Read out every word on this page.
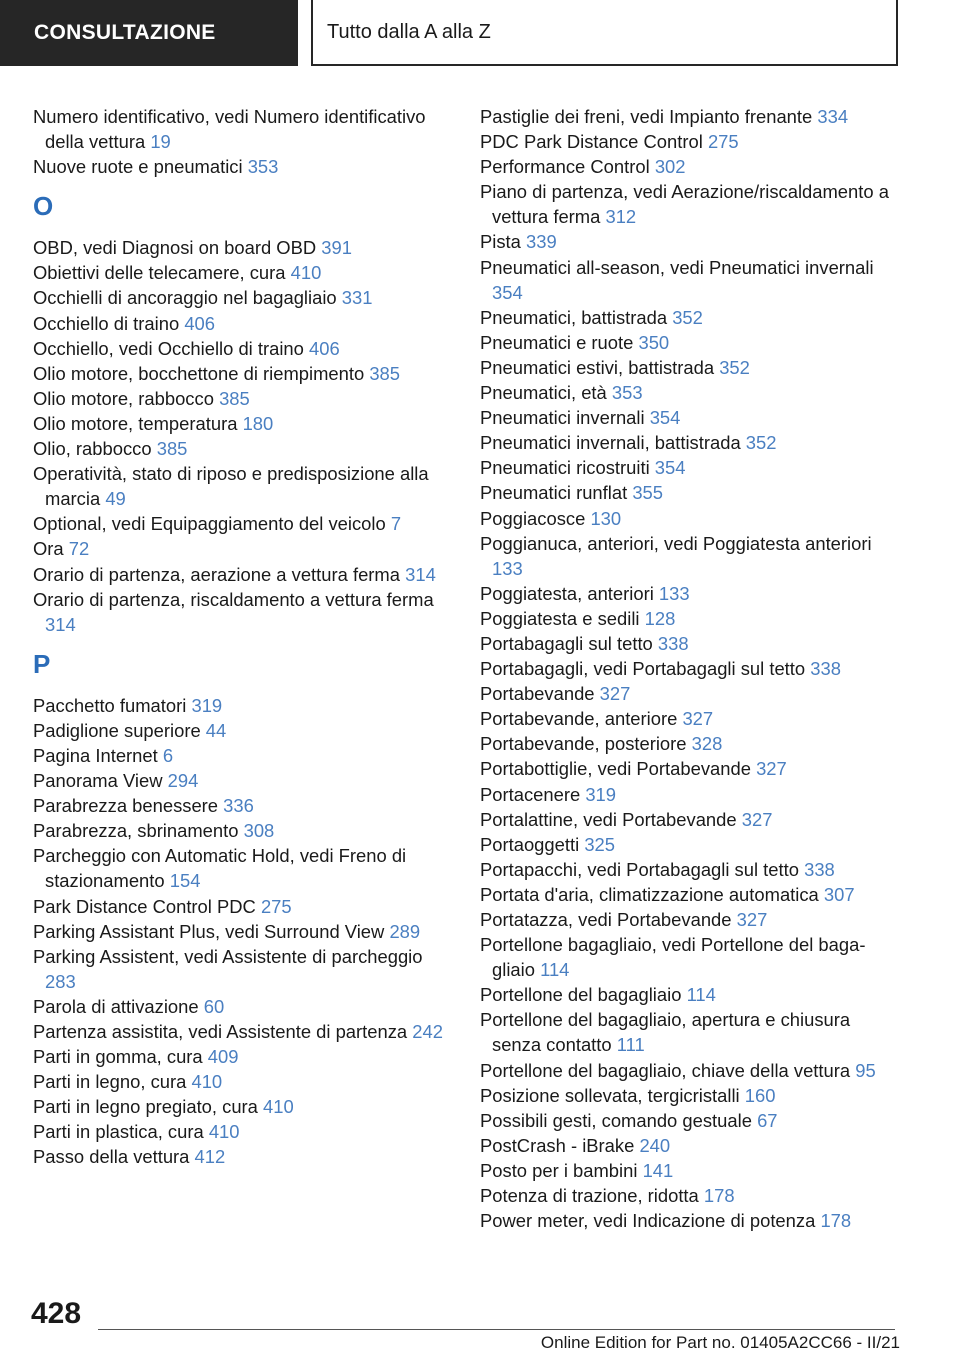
CONSULTAZIONE	Tutto dalla A alla Z
Numero identificativo, vedi Numero identificativo della vettura 19
Nuove ruote e pneumatici 353
O
OBD, vedi Diagnosi on board OBD 391
Obiettivi delle telecamere, cura 410
Occhielli di ancoraggio nel bagagliaio 331
Occhiello di traino 406
Occhiello, vedi Occhiello di traino 406
Olio motore, bocchettone di riempimento 385
Olio motore, rabbocco 385
Olio motore, temperatura 180
Olio, rabbocco 385
Operatività, stato di riposo e predisposizione alla marcia 49
Optional, vedi Equipaggiamento del veicolo 7
Ora 72
Orario di partenza, aerazione a vettura ferma 314
Orario di partenza, riscaldamento a vettura ferma 314
P
Pacchetto fumatori 319
Padiglione superiore 44
Pagina Internet 6
Panorama View 294
Parabrezza benessere 336
Parabrezza, sbrinamento 308
Parcheggio con Automatic Hold, vedi Freno di stazionamento 154
Park Distance Control PDC 275
Parking Assistant Plus, vedi Surround View 289
Parking Assistent, vedi Assistente di parcheggio 283
Parola di attivazione 60
Partenza assistita, vedi Assistente di partenza 242
Parti in gomma, cura 409
Parti in legno, cura 410
Parti in legno pregiato, cura 410
Parti in plastica, cura 410
Passo della vettura 412
Pastiglie dei freni, vedi Impianto frenante 334
PDC Park Distance Control 275
Performance Control 302
Piano di partenza, vedi Aerazione/riscaldamento a vettura ferma 312
Pista 339
Pneumatici all-season, vedi Pneumatici invernali 354
Pneumatici, battistrada 352
Pneumatici e ruote 350
Pneumatici estivi, battistrada 352
Pneumatici, età 353
Pneumatici invernali 354
Pneumatici invernali, battistrada 352
Pneumatici ricostruiti 354
Pneumatici runflat 355
Poggiacosce 130
Poggianuca, anteriori, vedi Poggiatesta anteriori 133
Poggiatesta, anteriori 133
Poggiatesta e sedili 128
Portabagagli sul tetto 338
Portabagagli, vedi Portabagagli sul tetto 338
Portabevande 327
Portabevande, anteriore 327
Portabevande, posteriore 328
Portabottiglie, vedi Portabevande 327
Portacenere 319
Portalattine, vedi Portabevande 327
Portaoggetti 325
Portapacchi, vedi Portabagagli sul tetto 338
Portata d'aria, climatizzazione automatica 307
Portatazza, vedi Portabevande 327
Portellone bagagliaio, vedi Portellone del bagagliaio 114
Portellone del bagagliaio 114
Portellone del bagagliaio, apertura e chiusura senza contatto 111
Portellone del bagagliaio, chiave della vettura 95
Posizione sollevata, tergicristalli 160
Possibili gesti, comando gestuale 67
PostCrash - iBrake 240
Posto per i bambini 141
Potenza di trazione, ridotta 178
Power meter, vedi Indicazione di potenza 178
428
Online Edition for Part no. 01405A2CC66 - II/21
